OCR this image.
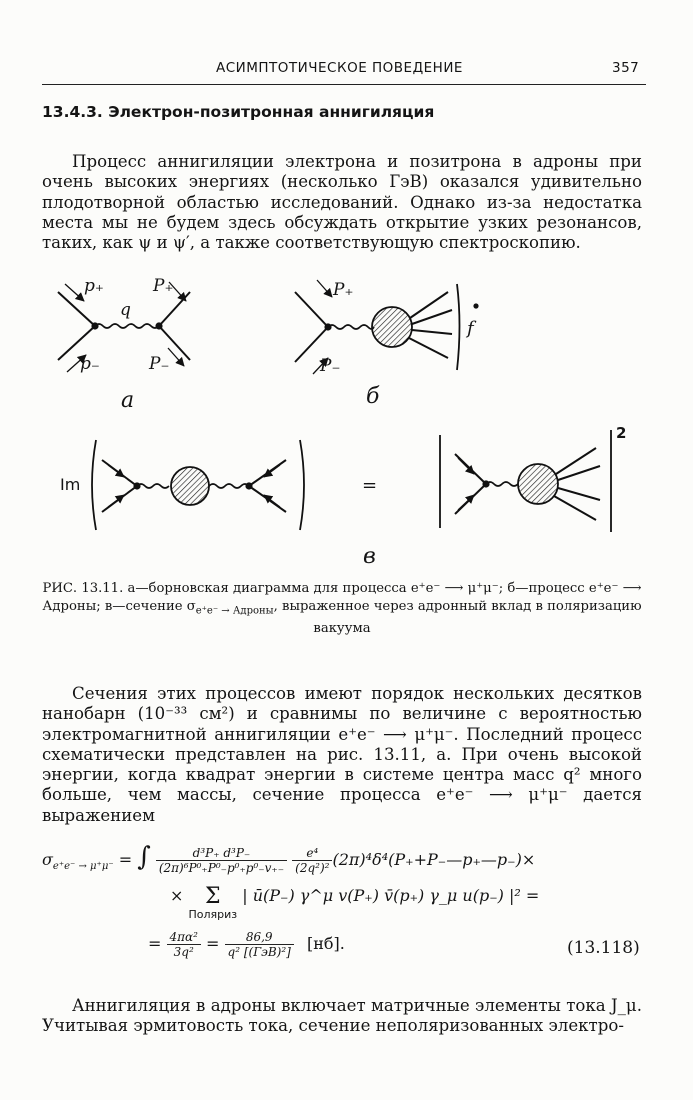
АСИМПТОТИЧЕСКОЕ ПОВЕДЕНИЕ	357
13.4.3. Электрон-позитронная аннигиляция

Процесс аннигиляции электрона и позитрона в адроны при очень высоких энергиях (несколько ГэВ) оказался удивительно плодотворной областью исследований. Однако из-за недостатка места мы не будем здесь обсуждать открытие узких резонансов, таких, как ψ и ψ′, а также соответствующую спектроскопию.

p₊	P₊
q
p₋	P₋
a
P₊
P₋
f
б
Im	=
2
в
РИС. 13.11. а—борновская диаграмма для процесса e⁺e⁻ ⟶ μ⁺μ⁻; б—процесс e⁺e⁻ ⟶ Адроны; в—сечение $\sigma_{e^+e^- \to Адроны}$, выраженное через адронный вклад в поляризацию вакуума

Сечения этих процессов имеют порядок нескольких десятков нанобарн (10⁻³³ см²) и сравнимы по величине с вероятностью электромагнитной аннигиляции e⁺e⁻ ⟶ μ⁺μ⁻. Последний процесс схематически представлен на рис. 13.11, а. При очень высокой энергии, когда квадрат энергии в системе центра масс q² много больше, чем массы, сечение процесса e⁺e⁻ ⟶ μ⁺μ⁻ дается выражением

$\sigma_{e^+e^- \to \mu^+\mu^-}$ = ∫ $\frac{\text{d³P₊ d³P₋}}{\text{(2π)⁶P⁰₊P⁰₋p⁰₊p⁰₋v₊₋}}$
$\frac{\text{e⁴}}{\text{(2q²)²}}$ (2π)⁴δ⁴(P₊+P₋—p₊—p₋)×
× Σ
Поляриз
| ū(P₋) γ^μ v(P₊) v̄(p₊) γ_μ u(p₋) |² =
= $\frac{\text{4πα²}}{\text{3q²}} = \frac{86,9}{\text{q² [(ГэВ)²]}} [нб]$.	(13.118)

Аннигиляция в адроны включает матричные элементы тока J_μ. Учитывая эрмитовость тока, сечение неполяризованных электро-
